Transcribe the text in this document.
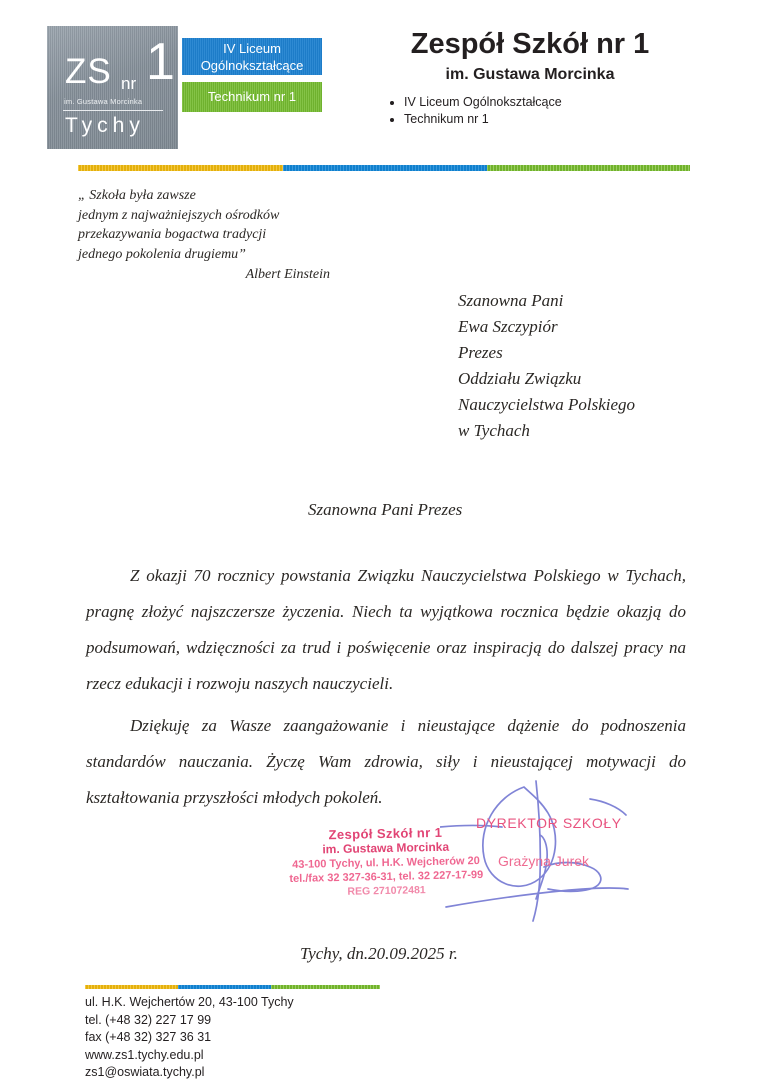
ZS nr 1
im. Gustawa Morcinka
Tychy
IV Liceum
Ogólnokształcące
Technikum nr 1
Zespół Szkół nr 1
im. Gustawa Morcinka
• IV Liceum Ogólnokształcące
• Technikum nr 1
„ Szkoła była zawsze
jednym z najważniejszych ośrodków
przekazywania bogactwa tradycji
jednego pokolenia drugiemu”
Albert Einstein
Szanowna Pani
Ewa Szczypiór
Prezes
Oddziału Związku
Nauczycielstwa Polskiego
w Tychach
Szanowna Pani Prezes

Z okazji 70 rocznicy powstania Związku Nauczycielstwa Polskiego w Tychach, pragnę złożyć najszczersze życzenia. Niech ta wyjątkowa rocznica będzie okazją do podsumowań, wdzięczności za trud i poświęcenie oraz inspiracją do dalszej pracy na rzecz edukacji i rozwoju naszych nauczycieli.

Dziękuję za Wasze zaangażowanie i nieustające dążenie do podnoszenia standardów nauczania. Życzę Wam zdrowia, siły i nieustającej motywacji do kształtowania przyszłości młodych pokoleń.

Zespół Szkół nr 1
im. Gustawa Morcinka
43-100 Tychy, ul. H.K. Wejcherów 20
tel./fax 32 327-36-31, tel. 32 227-17-99
REG 271072481
DYREKTOR SZKOŁY
Grażyna Jurek
Tychy, dn.20.09.2025 r.
ul. H.K. Wejchertów 20, 43-100 Tychy
tel. (+48 32) 227 17 99
fax (+48 32) 327 36 31
www.zs1.tychy.edu.pl
zs1@oswiata.tychy.pl
